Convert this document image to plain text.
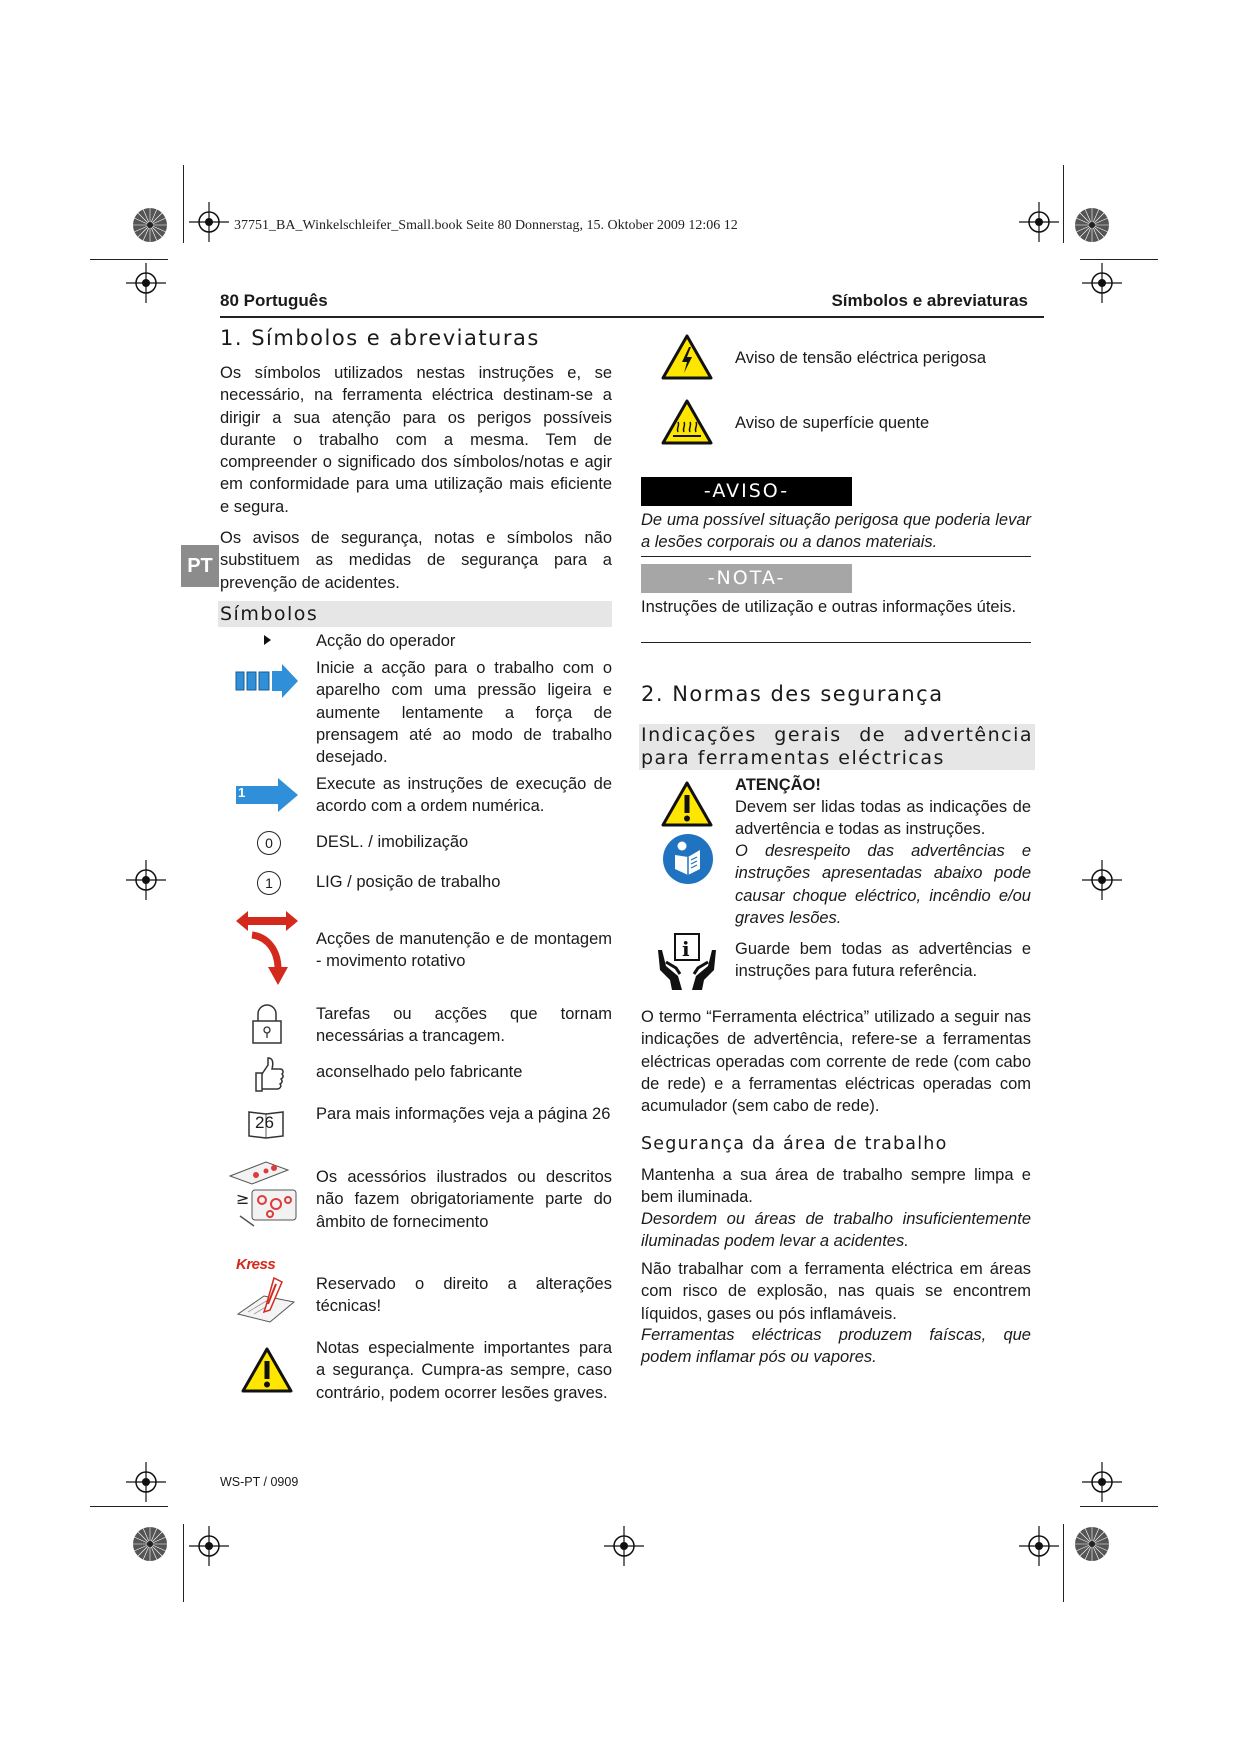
37751_BA_Winkelschleifer_Small.book Seite 80 Donnerstag, 15. Oktober 2009 12:06 12
80 Português	Símbolos e abreviaturas
PT
1. Símbolos e abreviaturas
Os símbolos utilizados nestas instruções e, se necessário, na ferramenta eléctrica destinam-se a dirigir a sua atenção para os perigos possíveis durante o trabalho com a mesma. Tem de compreender o significado dos símbolos/notas e agir em conformidade para uma utilização mais eficiente e segura.
Os avisos de segurança, notas e símbolos não substituem as medidas de segurança para a prevenção de acidentes.
Símbolos
Acção do operador
Inicie a acção para o trabalho com o aparelho com uma pressão ligeira e aumente lentamente a força de prensagem até ao modo de trabalho desejado.
1	Execute as instruções de execução de acordo com a ordem numérica.
0	DESL. / imobilização
1	LIG / posição de trabalho
Acções de manutenção e de montagem - movimento rotativo
Tarefas ou acções que tornam necessárias a trancagem.
aconselhado pelo fabricante
26	Para mais informações veja a página 26
≥
Os acessórios ilustrados ou descritos não fazem obrigatoriamente parte do âmbito de fornecimento
Kress
Reservado o direito a alterações técnicas!
Notas especialmente importantes para a segurança. Cumpra-as sempre, caso contrário, podem ocorrer lesões graves.
Aviso de tensão eléctrica perigosa
Aviso de superfície quente
-AVISO-
De uma possível situação perigosa que poderia levar a lesões corporais ou a danos materiais.
-NOTA-
Instruções de utilização e outras informações úteis.
2. Normas des segurança
Indicações gerais de advertência para ferramentas eléctricas
ATENÇÃO!
Devem ser lidas todas as indicações de advertência e todas as instruções.
O desrespeito das advertências e instruções apresentadas abaixo pode causar choque eléctrico, incêndio e/ou graves lesões.
i	Guarde bem todas as advertências e instruções para futura referência.
O termo “Ferramenta eléctrica” utilizado a seguir nas indicações de advertência, refere-se a ferramentas eléctricas operadas com corrente de rede (com cabo de rede) e a ferramentas eléctricas operadas com acumulador (sem cabo de rede).
Segurança da área de trabalho
Mantenha a sua área de trabalho sempre limpa e bem iluminada.
Desordem ou áreas de trabalho insuficientemente iluminadas podem levar a acidentes.
Não trabalhar com a ferramenta eléctrica em áreas com risco de explosão, nas quais se encontrem líquidos, gases ou pós inflamáveis.
Ferramentas eléctricas produzem faíscas, que podem inflamar pós ou vapores.
WS-PT / 0909
